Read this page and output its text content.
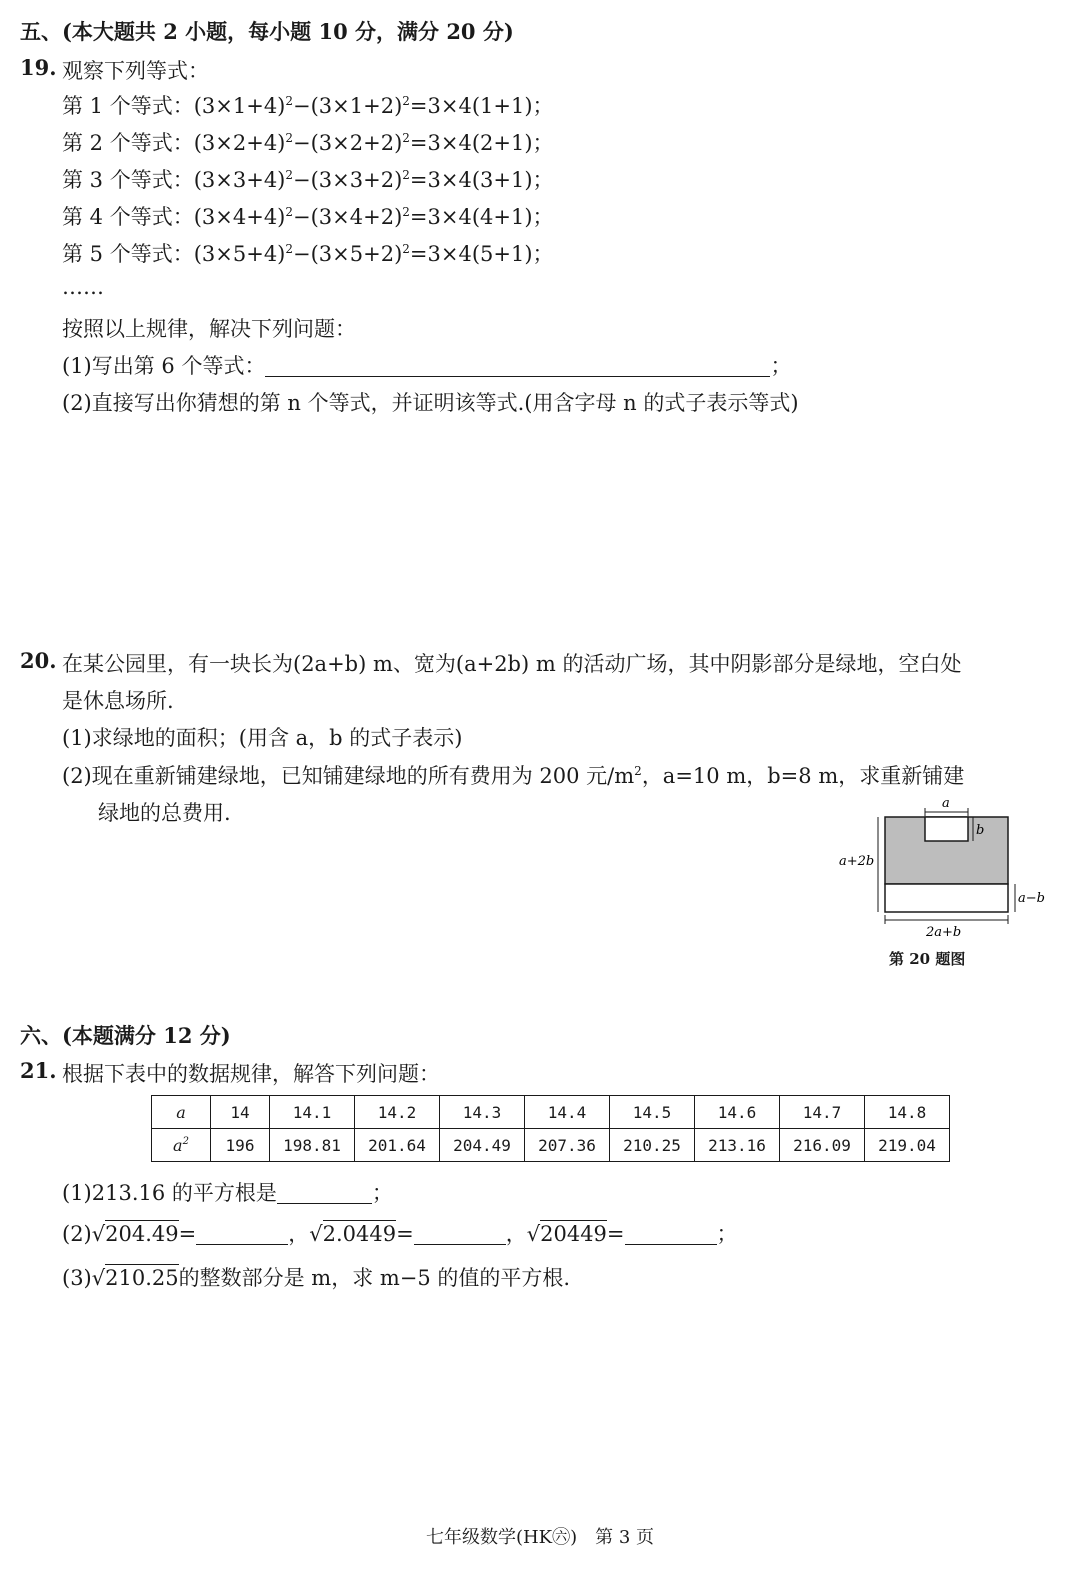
五、(本大题共 2 小题，每小题 10 分，满分 20 分)
19. 观察下列等式：
第 1 个等式：$(3\times 1+4)^2-(3\times 1+2)^2=3\times 4(1+1)$；
第 2 个等式：$(3\times 2+4)^2-(3\times 2+2)^2=3\times 4(2+1)$；
第 3 个等式：$(3\times 3+4)^2-(3\times 3+2)^2=3\times 4(3+1)$；
第 4 个等式：$(3\times 4+4)^2-(3\times 4+2)^2=3\times 4(4+1)$；
第 5 个等式：$(3\times 5+4)^2-(3\times 5+2)^2=3\times 4(5+1)$；
……
按照以上规律，解决下列问题：
(1)写出第 6 个等式：	；
(2)直接写出你猜想的第 n 个等式，并证明该等式.(用含字母 n 的式子表示等式)
20. 在某公园里，有一块长为(2a+b) m、宽为(a+2b) m 的活动广场，其中阴影部分是绿地，空白处
是休息场所.
(1)求绿地的面积；(用含 a，b 的式子表示)
(2)现在重新铺建绿地，已知铺建绿地的所有费用为 200 元$/m^2$，a=10 m，b=8 m，求重新铺建
绿地的总费用.	a
b
a+2b
a−b
2a+b
第 20 题图
六、(本题满分 12 分)
21. 根据下表中的数据规律，解答下列问题：
a	14	14.1	14.2	14.3	14.4	14.5	14.6	14.7	14.8
$a^2$	196	198.81	201.64	204.49	207.36	210.25	213.16	216.09	219.04
(1)213.16 的平方根是	；
(2)√204.49=	，√2.0449=	，√20449=	；
(3)√210.25的整数部分是 m，求 m−5 的值的平方根.
七年级数学(HK㊅)　第 3 页
